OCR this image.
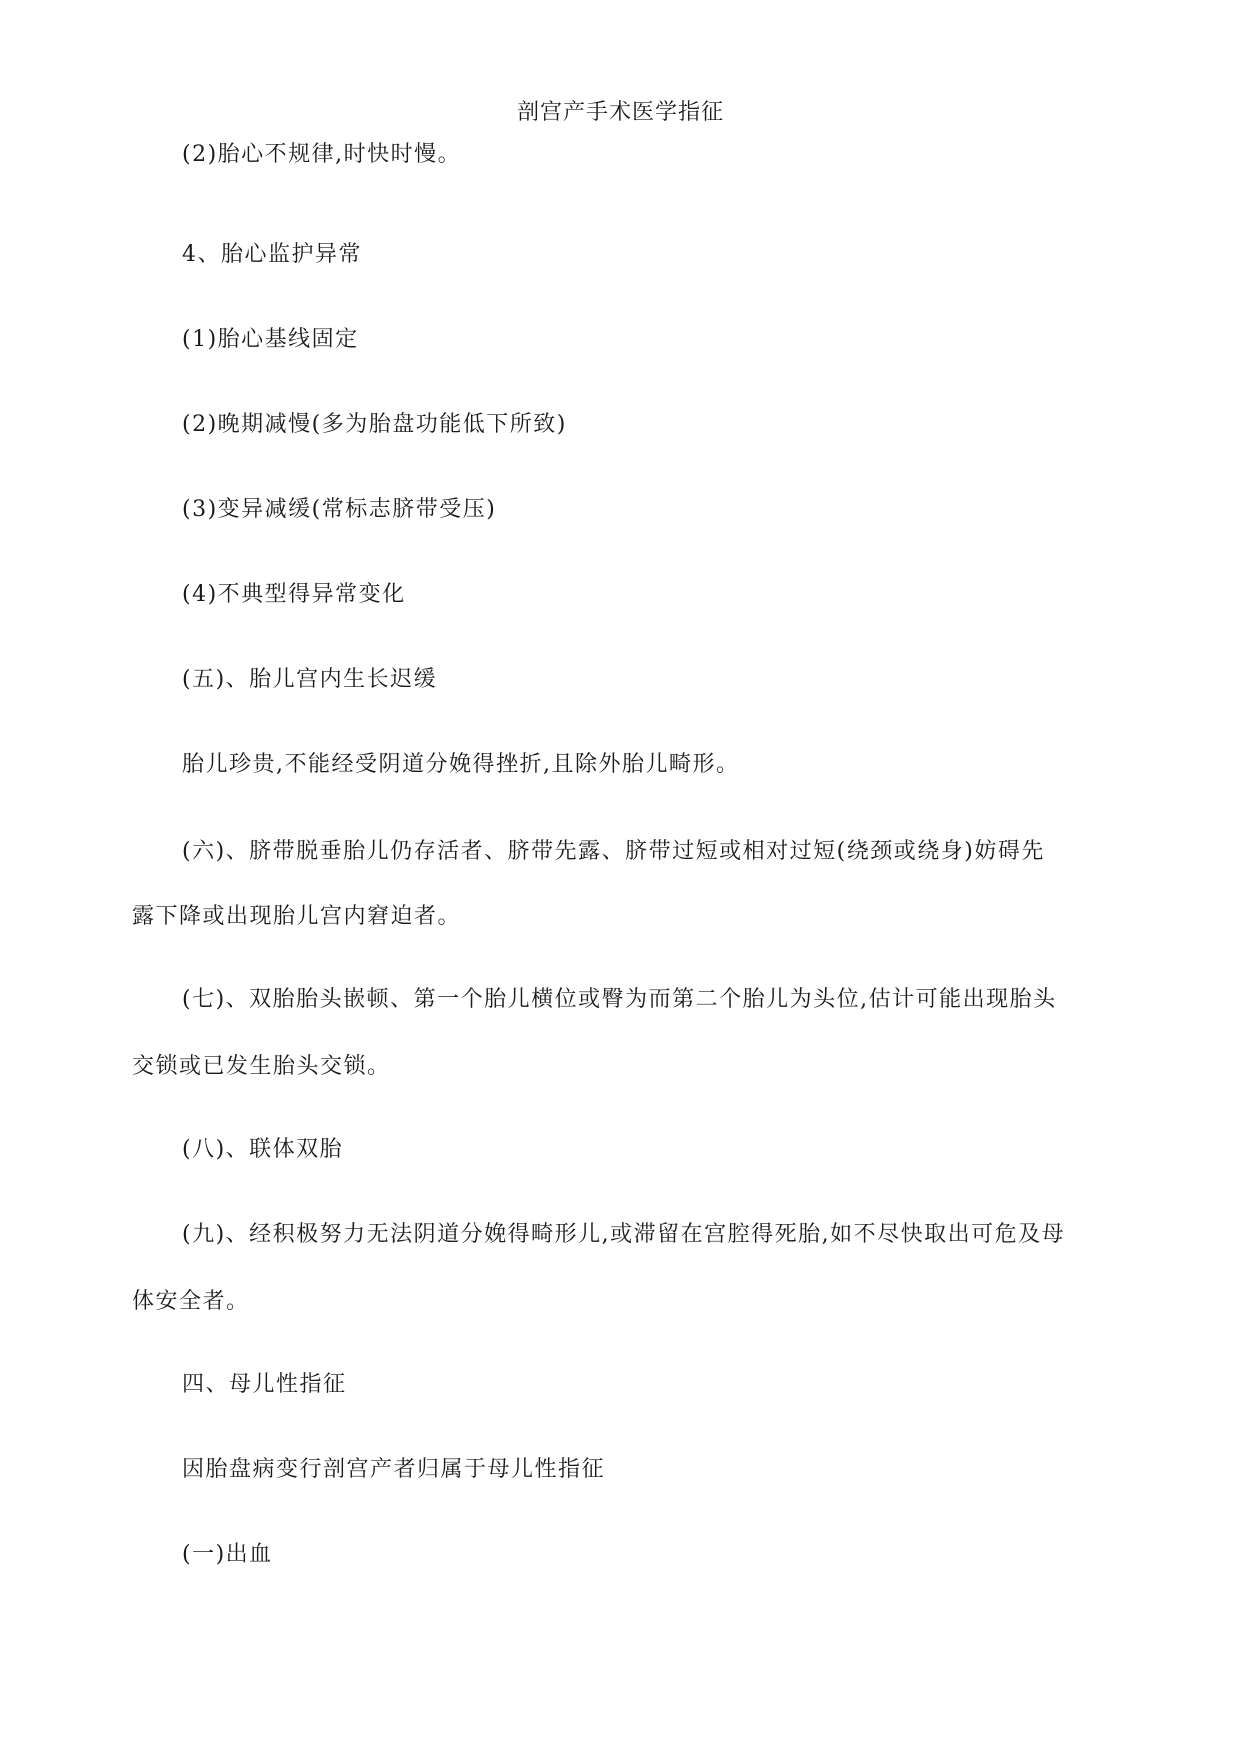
剖宫产手术医学指征
(2)胎心不规律,时快时慢。
4、胎心监护异常
(1)胎心基线固定
(2)晚期减慢(多为胎盘功能低下所致)
(3)变异减缓(常标志脐带受压)
(4)不典型得异常变化
(五)、胎儿宫内生长迟缓
胎儿珍贵,不能经受阴道分娩得挫折,且除外胎儿畸形。
(六)、脐带脱垂胎儿仍存活者、脐带先露、脐带过短或相对过短(绕颈或绕身)妨碍先
露下降或出现胎儿宫内窘迫者。
(七)、双胎胎头嵌顿、第一个胎儿横位或臀为而第二个胎儿为头位,估计可能出现胎头
交锁或已发生胎头交锁。
(八)、联体双胎
(九)、经积极努力无法阴道分娩得畸形儿,或滞留在宫腔得死胎,如不尽快取出可危及母
体安全者。
四、母儿性指征
因胎盘病变行剖宫产者归属于母儿性指征
(一)出血
